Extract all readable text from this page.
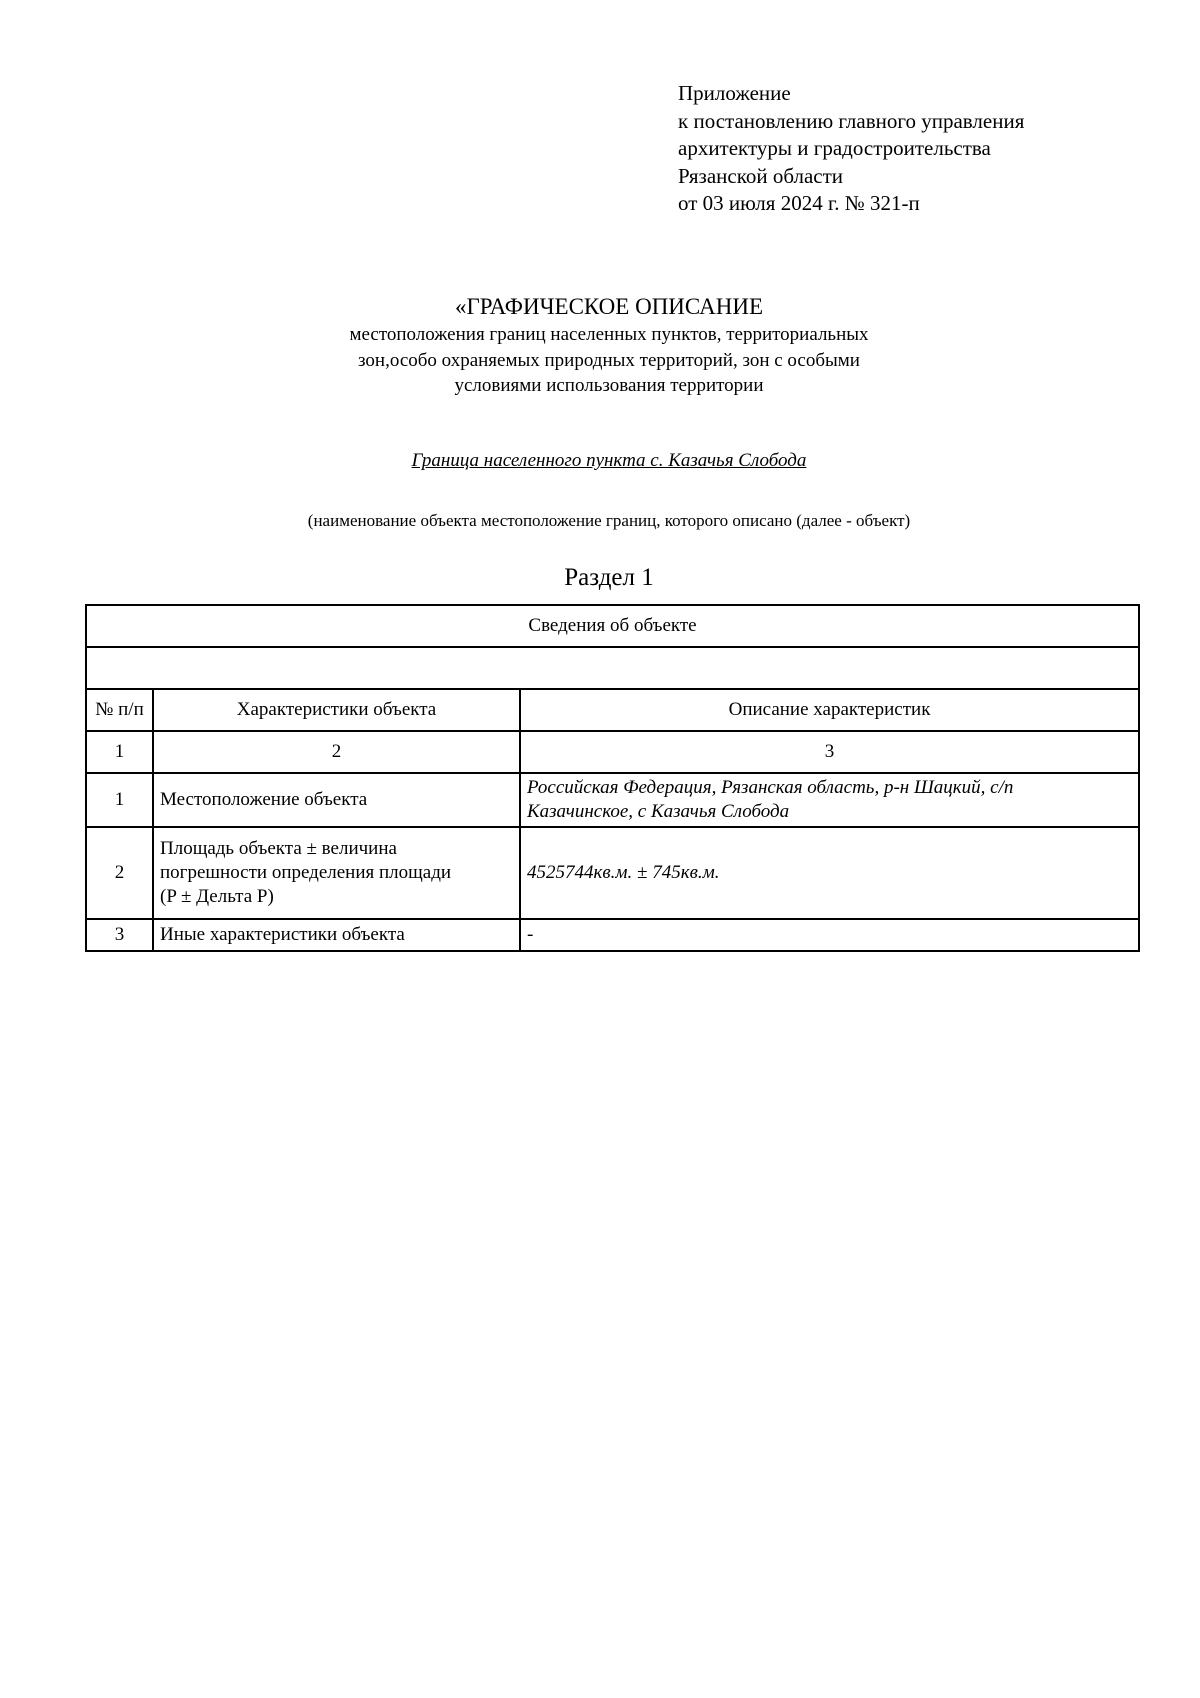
Приложение
к постановлению главного управления
архитектуры и градостроительства
Рязанской области
от 03 июля 2024 г. № 321-п
«ГРАФИЧЕСКОЕ ОПИСАНИЕ
местоположения границ населенных пунктов, территориальных
зон,особо охраняемых природных территорий, зон с особыми
условиями использования территории
Граница населенного пункта с. Казачья Слобода
(наименование объекта местоположение границ, которого описано (далее - объект)
Раздел 1
Сведения об объекте		

№ п/п	Характеристики объекта	Описание характеристик
1	2	3
1	Местоположение объекта	Российская Федерация, Рязанская область, р-н Шацкий, с/п
Казачинское, с Казачья Слобода

2	Площадь объекта ± величина
погрешности определения площади
(P ± Дельта P)	4525744кв.м. ± 745кв.м.

3	Иные характеристики объекта	-
